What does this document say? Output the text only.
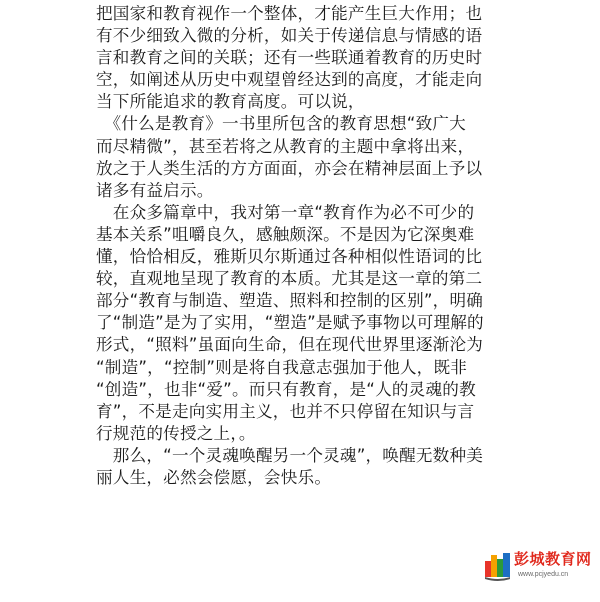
把国家和教育视作一个整体，才能产生巨大作用；也
有不少细致入微的分析，如关于传递信息与情感的语
言和教育之间的关联；还有一些联通着教育的历史时
空，如阐述从历史中观望曾经达到的高度，才能走向
当下所能追求的教育高度。可以说，
　《什么是教育》一书里所包含的教育思想“致广大
而尽精微”，甚至若将之从教育的主题中拿将出来，
放之于人类生活的方方面面，亦会在精神层面上予以
诸多有益启示。
　在众多篇章中，我对第一章“教育作为必不可少的
基本关系”咀嚼良久，感触颇深。不是因为它深奥难
懂，恰恰相反，雅斯贝尔斯通过各种相似性语词的比
较，直观地呈现了教育的本质。尤其是这一章的第二
部分“教育与制造、塑造、照料和控制的区别”，明确
了“制造”是为了实用，“塑造”是赋予事物以可理解的
形式，“照料”虽面向生命，但在现代世界里逐渐沦为
“制造”，“控制”则是将自我意志强加于他人，既非
“创造”，也非“爱”。而只有教育，是“人的灵魂的教
育”，不是走向实用主义，也并不只停留在知识与言
行规范的传授之上，。
　那么，“一个灵魂唤醒另一个灵魂”，唤醒无数种美
丽人生，必然会偿愿，会快乐。
彭城教育网
www.pcjyedu.cn
